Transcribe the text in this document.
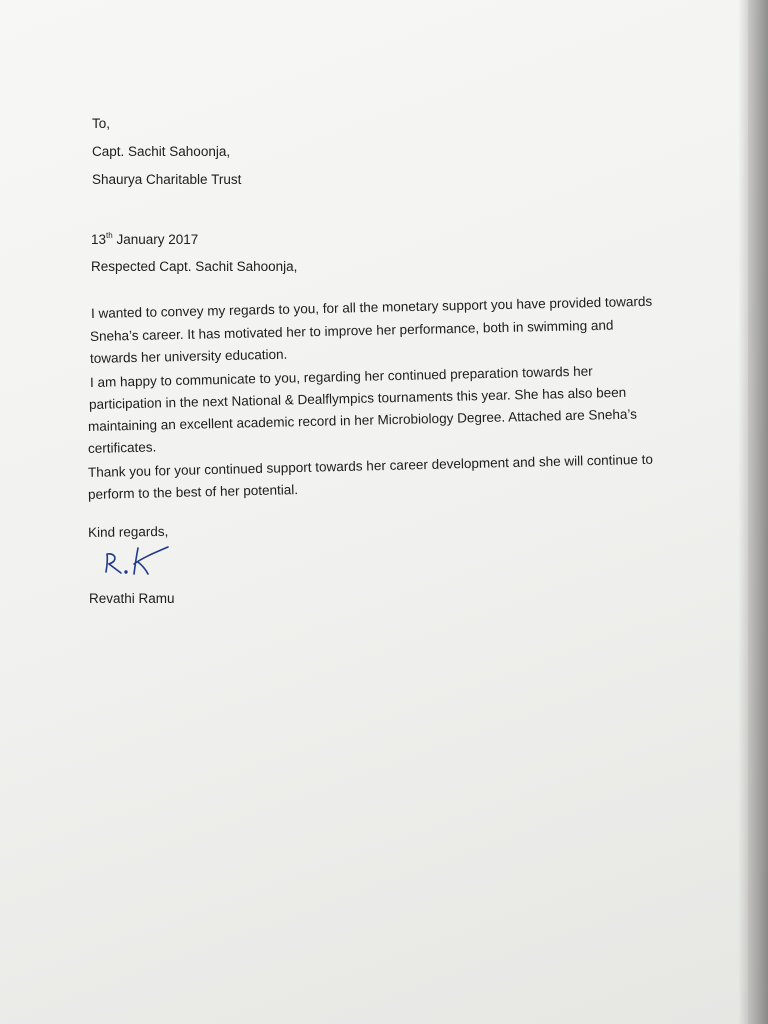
To,
Capt. Sachit Sahoonja,
Shaurya Charitable Trust
13th January 2017
Respected Capt. Sachit Sahoonja,
I wanted to convey my regards to you, for all the monetary support you have provided towards
Sneha’s career. It has motivated her to improve her performance, both in swimming and
towards her university education.
I am happy to communicate to you, regarding her continued preparation towards her
participation in the next National & Dealflympics tournaments this year. She has also been
maintaining an excellent academic record in her Microbiology Degree. Attached are Sneha’s
certificates.
Thank you for your continued support towards her career development and she will continue to
perform to the best of her potential.
Kind regards,
Revathi Ramu
